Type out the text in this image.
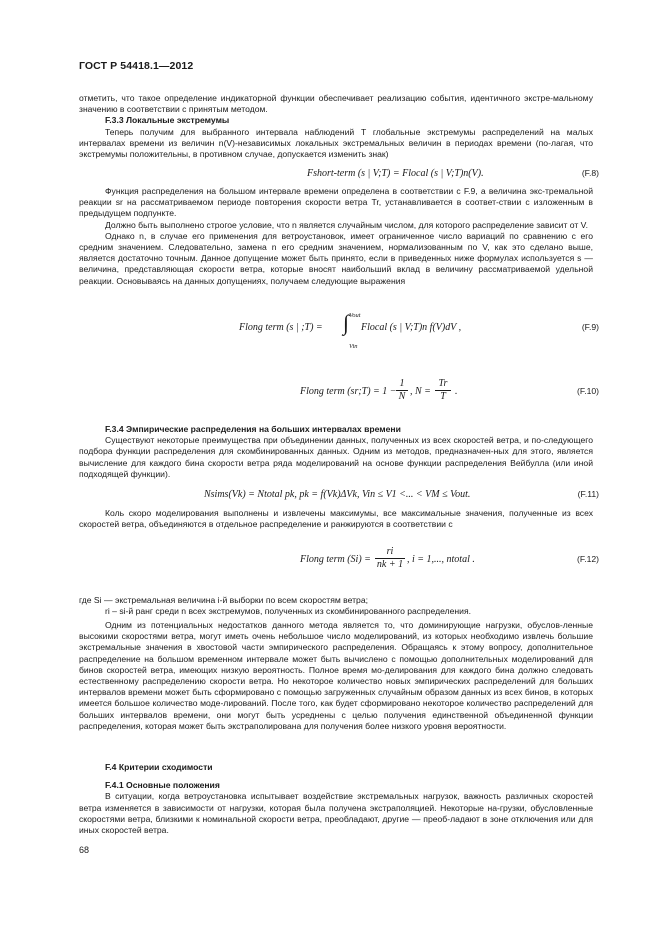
ГОСТ Р 54418.1—2012

отметить, что такое определение индикаторной функции обеспечивает реализацию события, идентичного экстре-мальному значению в соответствии с принятым методом.

F.3.3 Локальные экстремумы

Теперь получим для выбранного интервала наблюдений T глобальные экстремумы распределений на малых интервалах времени из величин n(V)-независимых локальных экстремальных величин в периодах времени (по-лагая, что экстремумы положительны, в противном случае, допускается изменить знак)

Fshort-term (s | V;T) = Flocal (s | V;T)n(V).	(F.8)

Функция распределения на большом интервале времени определена в соответствии с F.9, а величина экс-тремальной реакции sr на рассматриваемом периоде повторения скорости ветра Tr, устанавливается в соответ-ствии с изложенным в предыдущем подпункте.

Должно быть выполнено строгое условие, что n является случайным числом, для которого распределение зависит от V.

Однако n, в случае его применения для ветроустановок, имеет ограниченное число вариаций по сравнению с его средним значением. Следовательно, замена n его средним значением, нормализованным по V, как это сделано выше, является достаточно точным. Данное допущение может быть принято, если в приведенных ниже формулах используется s — величина, представляющая скорости ветра, которые вносят наибольший вклад в величину рассматриваемой удельной реакции. Основываясь на данных допущениях, получаем следующие выражения

Flong term (s | ;T) =
Vout
∫
Vin
Flocal (s | V;T)n f(V)dV ,	(F.9)
Flong term (sr;T) = 1 −
1
N , N =
Tr
T .	(F.10)

F.3.4 Эмпирические распределения на больших интервалах времени

Существуют некоторые преимущества при объединении данных, полученных из всех скоростей ветра, и по-следующего подбора функции распределения для скомбинированных данных. Одним из методов, предназначен-ных для этого, является вычисление для каждого бина скорости ветра ряда моделирований на основе функции распределения Вейбулла (или иной подходящей функции).

Nsims(Vk) = Ntotal pk, pk = f(Vk)ΔVk, Vin ≤ V1 <... < VM ≤ Vout.	(F.11)

Коль скоро моделирования выполнены и извлечены максимумы, все максимальные значения, полученные из всех скоростей ветра, объединяются в отдельное распределение и ранжируются в соответствии с

Flong term (Si) =
ri
nk + 1 , i = 1,..., ntotal .	(F.12)

где Si — экстремальная величина i-й выборки по всем скоростям ветра;

ri – si-й ранг среди n всех экстремумов, полученных из скомбинированного распределения.

Одним из потенциальных недостатков данного метода является то, что доминирующие нагрузки, обуслов-ленные высокими скоростями ветра, могут иметь очень небольшое число моделирований, из которых необходимо извлечь большие экстремальные значения в хвостовой части эмпирического распределения. Обращаясь к этому вопросу, дополнительное распределение на большом временном интервале может быть вычислено с помощью дополнительных моделирований для бинов скоростей ветра, имеющих низкую вероятность. Полное время мо-делирования для каждого бина должно следовать естественному распределению скорости ветра. Но некоторое количество новых эмпирических распределений для больших интервалов времени может быть сформировано с помощью загруженных случайным образом данных из всех бинов, в которых имеется большое количество моде-лирований. После того, как будет сформировано некоторое количество распределений для больших интервалов времени, они могут быть усреднены с целью получения единственной объединенной функции распределения, которая может быть экстраполирована для получения более низкого уровня вероятности.

F.4 Критерии сходимости

F.4.1 Основные положения

В ситуации, когда ветроустановка испытывает воздействие экстремальных нагрузок, важность различных скоростей ветра изменяется в зависимости от нагрузки, которая была получена экстраполяцией. Некоторые на-грузки, обусловленные скоростями ветра, близкими к номинальной скорости ветра, преобладают, другие — преоб-ладают в зоне отключения или для иных скоростей ветра.

68
